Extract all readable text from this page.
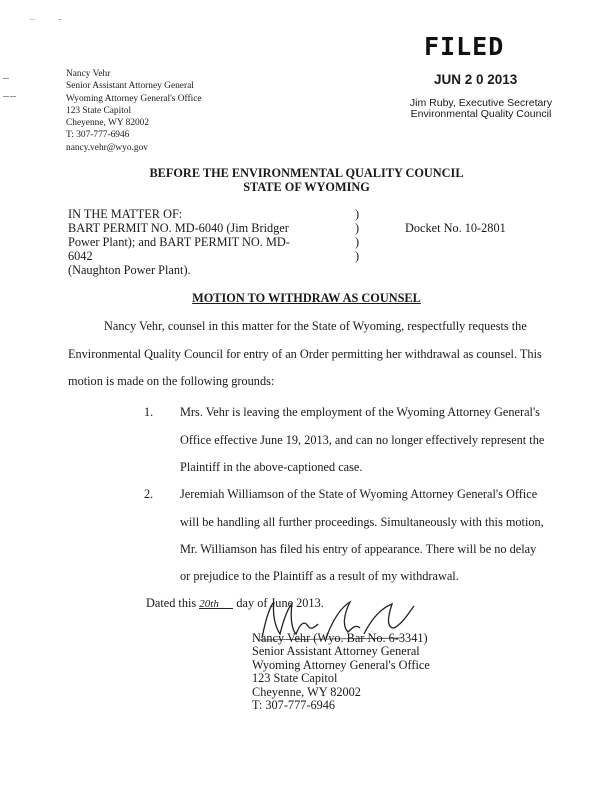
–  -
FILED
JUN 2 0 2013
Jim Ruby, Executive Secretary
Environmental Quality Council
Nancy Vehr
Senior Assistant Attorney General
Wyoming Attorney General's Office
123 State Capitol
Cheyenne, WY 82002
T: 307-777-6946
nancy.vehr@wyo.gov
BEFORE THE ENVIRONMENTAL QUALITY COUNCIL
STATE OF WYOMING
IN THE MATTER OF:
BART PERMIT NO. MD-6040 (Jim Bridger
Power Plant); and BART PERMIT NO. MD-6042
(Naughton Power Plant).
)
)
)
)
Docket No. 10-2801
MOTION TO WITHDRAW AS COUNSEL
Nancy Vehr, counsel in this matter for the State of Wyoming, respectfully requests the
Environmental Quality Council for entry of an Order permitting her withdrawal as counsel. This
motion is made on the following grounds:
1. Mrs. Vehr is leaving the employment of the Wyoming Attorney General's
Office effective June 19, 2013, and can no longer effectively represent the
Plaintiff in the above-captioned case.
2. Jeremiah Williamson of the State of Wyoming Attorney General's Office
will be handling all further proceedings. Simultaneously with this motion,
Mr. Williamson has filed his entry of appearance. There will be no delay
or prejudice to the Plaintiff as a result of my withdrawal.
Dated this 20th day of June 2013.
Nancy Vehr (Wyo. Bar No. 6-3341)
Senior Assistant Attorney General
Wyoming Attorney General's Office
123 State Capitol
Cheyenne, WY 82002
T: 307-777-6946
